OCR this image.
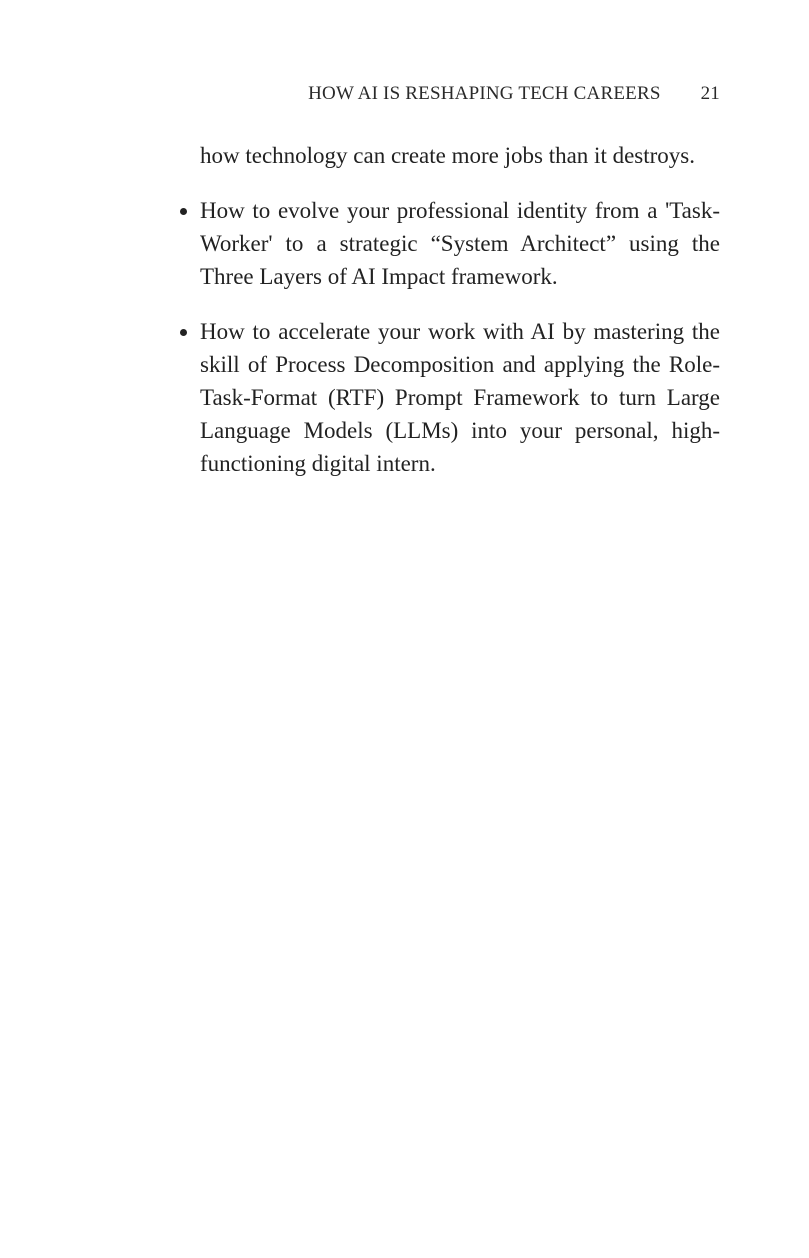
HOW AI IS RESHAPING TECH CAREERS 21

how technology can create more jobs than it destroys.

How to evolve your professional identity from a 'Task-Worker' to a strategic “System Architect” using the Three Layers of AI Impact framework.
How to accelerate your work with AI by mastering the skill of Process Decomposition and applying the Role-Task-Format (RTF) Prompt Framework to turn Large Language Models (LLMs) into your personal, high-functioning digital intern.
